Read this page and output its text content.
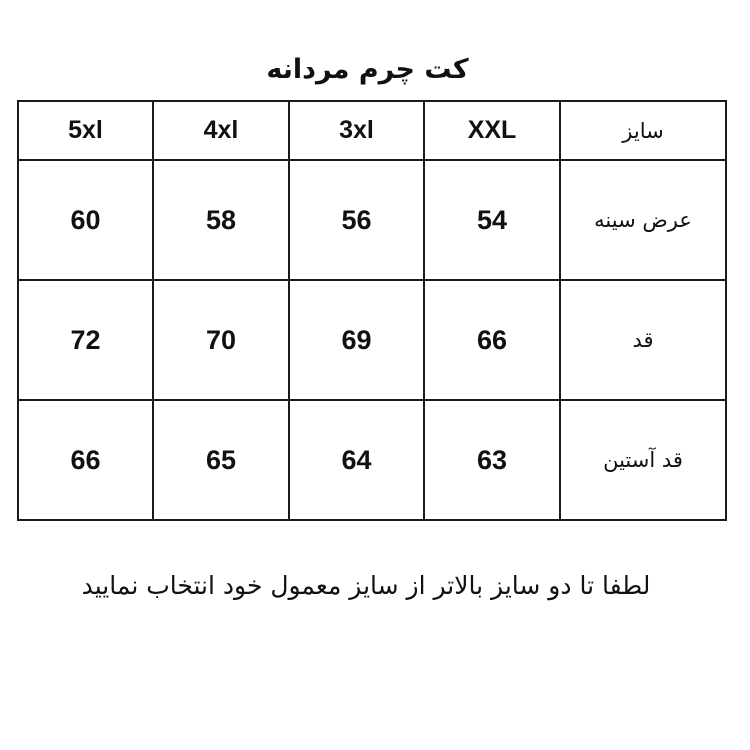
کت چرم مردانه
5xl	4xl	3xl	XXL	سایز
60	58	56	54	عرض سینه
72	70	69	66	قد
66	65	64	63	قد آستین
لطفا تا دو سایز بالاتر از سایز معمول خود انتخاب نمایید
